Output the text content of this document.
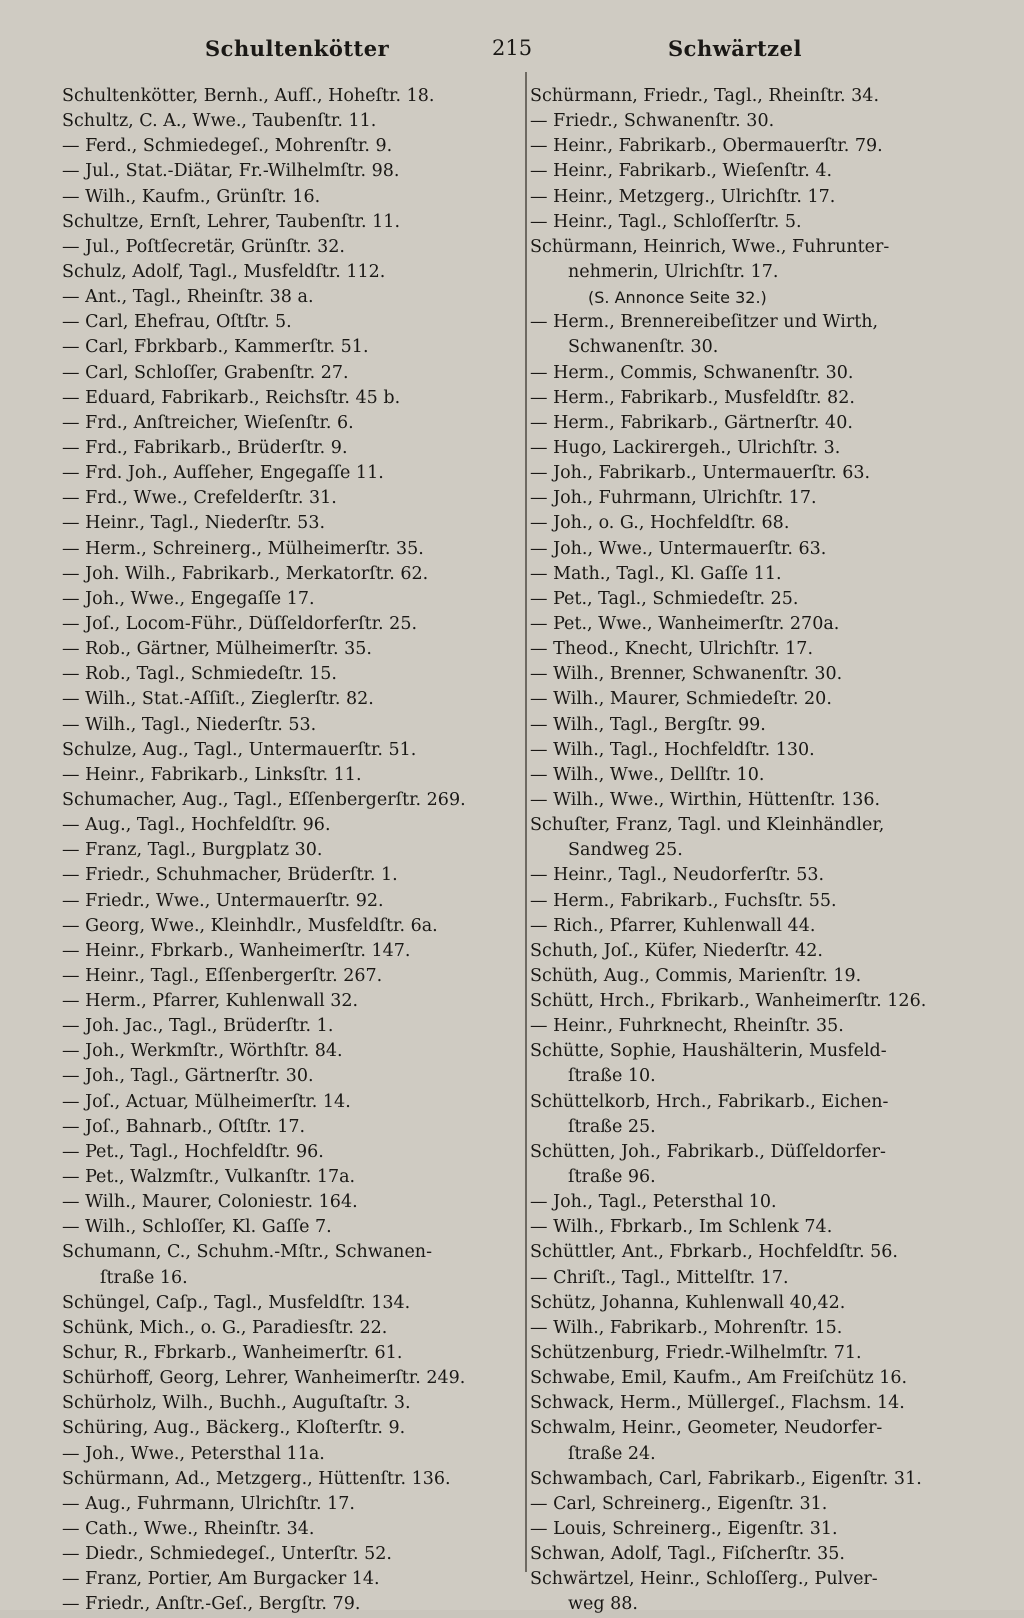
Schultenkötter	215	Schwärtzel
Schultenkötter, Bernh., Aufſ., Hoheſtr. 18.
Schultz, C. A., Wwe., Taubenſtr. 11.
— Ferd., Schmiedegeſ., Mohrenſtr. 9.
— Jul., Stat.-Diätar, Fr.-Wilhelmſtr. 98.
— Wilh., Kaufm., Grünſtr. 16.
Schultze, Ernſt, Lehrer, Taubenſtr. 11.
— Jul., Poſtſecretär, Grünſtr. 32.
Schulz, Adolf, Tagl., Musfeldſtr. 112.
— Ant., Tagl., Rheinſtr. 38 a.
— Carl, Ehefrau, Oſtſtr. 5.
— Carl, Fbrkbarb., Kammerſtr. 51.
— Carl, Schloſſer, Grabenſtr. 27.
— Eduard, Fabrikarb., Reichsſtr. 45 b.
— Frd., Anſtreicher, Wieſenſtr. 6.
— Frd., Fabrikarb., Brüderſtr. 9.
— Frd. Joh., Aufſeher, Engegaſſe 11.
— Frd., Wwe., Crefelderſtr. 31.
— Heinr., Tagl., Niederſtr. 53.
— Herm., Schreinerg., Mülheimerſtr. 35.
— Joh. Wilh., Fabrikarb., Merkatorſtr. 62.
— Joh., Wwe., Engegaſſe 17.
— Joſ., Locom-Führ., Düſſeldorferſtr. 25.
— Rob., Gärtner, Mülheimerſtr. 35.
— Rob., Tagl., Schmiedeſtr. 15.
— Wilh., Stat.-Aſſiſt., Zieglerſtr. 82.
— Wilh., Tagl., Niederſtr. 53.
Schulze, Aug., Tagl., Untermauerſtr. 51.
— Heinr., Fabrikarb., Linksſtr. 11.
Schumacher, Aug., Tagl., Eſſenbergerſtr. 269.
— Aug., Tagl., Hochfeldſtr. 96.
— Franz, Tagl., Burgplatz 30.
— Friedr., Schuhmacher, Brüderſtr. 1.
— Friedr., Wwe., Untermauerſtr. 92.
— Georg, Wwe., Kleinhdlr., Musfeldſtr. 6a.
— Heinr., Fbrkarb., Wanheimerſtr. 147.
— Heinr., Tagl., Eſſenbergerſtr. 267.
— Herm., Pfarrer, Kuhlenwall 32.
— Joh. Jac., Tagl., Brüderſtr. 1.
— Joh., Werkmſtr., Wörthſtr. 84.
— Joh., Tagl., Gärtnerſtr. 30.
— Joſ., Actuar, Mülheimerſtr. 14.
— Joſ., Bahnarb., Oſtſtr. 17.
— Pet., Tagl., Hochfeldſtr. 96.
— Pet., Walzmſtr., Vulkanſtr. 17a.
— Wilh., Maurer, Coloniestr. 164.
— Wilh., Schloſſer, Kl. Gaſſe 7.
Schumann, C., Schuhm.-Mſtr., Schwanen-
ſtraße 16.
Schüngel, Caſp., Tagl., Musfeldſtr. 134.
Schünk, Mich., o. G., Paradiesſtr. 22.
Schur, R., Fbrkarb., Wanheimerſtr. 61.
Schürhoff, Georg, Lehrer, Wanheimerſtr. 249.
Schürholz, Wilh., Buchh., Auguſtaſtr. 3.
Schüring, Aug., Bäckerg., Kloſterſtr. 9.
— Joh., Wwe., Petersthal 11a.
Schürmann, Ad., Metzgerg., Hüttenſtr. 136.
— Aug., Fuhrmann, Ulrichſtr. 17.
— Cath., Wwe., Rheinſtr. 34.
— Diedr., Schmiedegeſ., Unterſtr. 52.
— Franz, Portier, Am Burgacker 14.
— Friedr., Anſtr.-Geſ., Bergſtr. 79.
Schürmann, Friedr., Tagl., Rheinſtr. 34.
— Friedr., Schwanenſtr. 30.
— Heinr., Fabrikarb., Obermauerſtr. 79.
— Heinr., Fabrikarb., Wieſenſtr. 4.
— Heinr., Metzgerg., Ulrichſtr. 17.
— Heinr., Tagl., Schloſſerſtr. 5.
Schürmann, Heinrich, Wwe., Fuhrunter-
nehmerin, Ulrichſtr. 17.
(S. Annonce Seite 32.)
— Herm., Brennereibeſitzer und Wirth,
Schwanenſtr. 30.
— Herm., Commis, Schwanenſtr. 30.
— Herm., Fabrikarb., Musfeldſtr. 82.
— Herm., Fabrikarb., Gärtnerſtr. 40.
— Hugo, Lackirergeh., Ulrichſtr. 3.
— Joh., Fabrikarb., Untermauerſtr. 63.
— Joh., Fuhrmann, Ulrichſtr. 17.
— Joh., o. G., Hochfeldſtr. 68.
— Joh., Wwe., Untermauerſtr. 63.
— Math., Tagl., Kl. Gaſſe 11.
— Pet., Tagl., Schmiedeſtr. 25.
— Pet., Wwe., Wanheimerſtr. 270a.
— Theod., Knecht, Ulrichſtr. 17.
— Wilh., Brenner, Schwanenſtr. 30.
— Wilh., Maurer, Schmiedeſtr. 20.
— Wilh., Tagl., Bergſtr. 99.
— Wilh., Tagl., Hochfeldſtr. 130.
— Wilh., Wwe., Dellſtr. 10.
— Wilh., Wwe., Wirthin, Hüttenſtr. 136.
Schuſter, Franz, Tagl. und Kleinhändler,
Sandweg 25.
— Heinr., Tagl., Neudorferſtr. 53.
— Herm., Fabrikarb., Fuchsſtr. 55.
— Rich., Pfarrer, Kuhlenwall 44.
Schuth, Joſ., Küfer, Niederſtr. 42.
Schüth, Aug., Commis, Marienſtr. 19.
Schütt, Hrch., Fbrikarb., Wanheimerſtr. 126.
— Heinr., Fuhrknecht, Rheinſtr. 35.
Schütte, Sophie, Haushälterin, Musfeld-
ſtraße 10.
Schüttelkorb, Hrch., Fabrikarb., Eichen-
ſtraße 25.
Schütten, Joh., Fabrikarb., Düſſeldorfer-
ſtraße 96.
— Joh., Tagl., Petersthal 10.
— Wilh., Fbrkarb., Im Schlenk 74.
Schüttler, Ant., Fbrkarb., Hochfeldſtr. 56.
— Chriſt., Tagl., Mittelſtr. 17.
Schütz, Johanna, Kuhlenwall 40,42.
— Wilh., Fabrikarb., Mohrenſtr. 15.
Schützenburg, Friedr.-Wilhelmſtr. 71.
Schwabe, Emil, Kaufm., Am Freiſchütz 16.
Schwack, Herm., Müllergeſ., Flachsm. 14.
Schwalm, Heinr., Geometer, Neudorfer-
ſtraße 24.
Schwambach, Carl, Fabrikarb., Eigenſtr. 31.
— Carl, Schreinerg., Eigenſtr. 31.
— Louis, Schreinerg., Eigenſtr. 31.
Schwan, Adolf, Tagl., Fiſcherſtr. 35.
Schwärtzel, Heinr., Schloſſerg., Pulver-
weg 88.
